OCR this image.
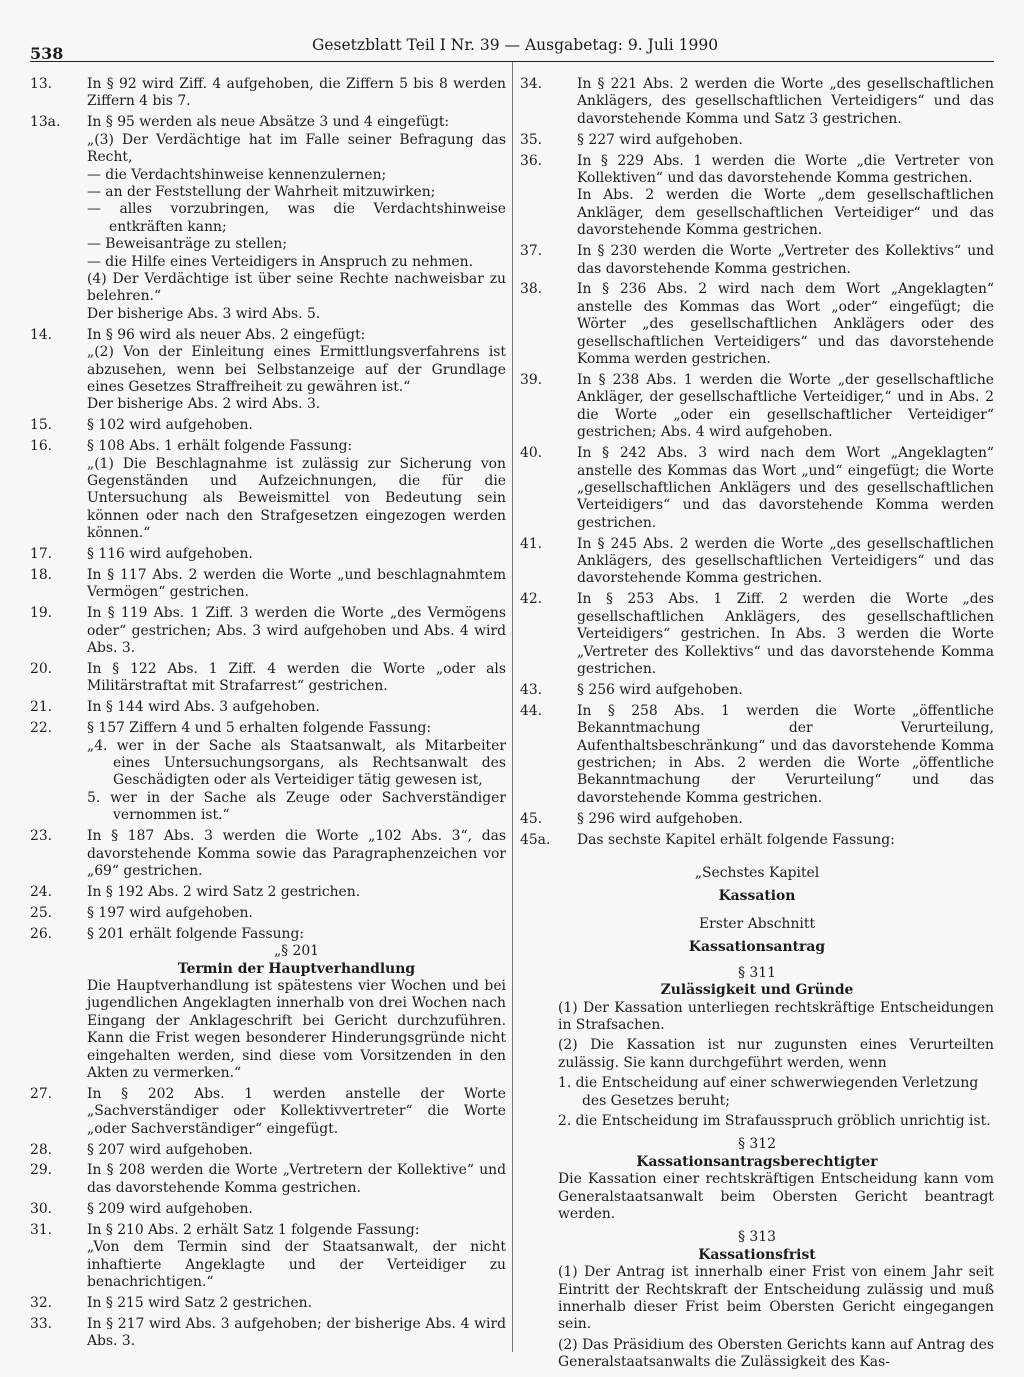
538	Gesetzblatt Teil I Nr. 39 — Ausgabetag: 9. Juli 1990
13.	In § 92 wird Ziff. 4 aufgehoben, die Ziffern 5 bis 8 werden Ziffern 4 bis 7.
13a. In § 95 werden als neue Absätze 3 und 4 eingefügt:
„(3) Der Verdächtige hat im Falle seiner Befragung das Recht,
— die Verdachtshinweise kennenzulernen;
— an der Feststellung der Wahrheit mitzuwirken;
— alles vorzubringen, was die Verdachtshinweise entkräften kann;
— Beweisanträge zu stellen;
— die Hilfe eines Verteidigers in Anspruch zu nehmen.
(4) Der Verdächtige ist über seine Rechte nachweisbar zu belehren.“
Der bisherige Abs. 3 wird Abs. 5.
14.	In § 96 wird als neuer Abs. 2 eingefügt:
„(2) Von der Einleitung eines Ermittlungsverfahrens ist abzusehen, wenn bei Selbstanzeige auf der Grundlage eines Gesetzes Straffreiheit zu gewähren ist.“
Der bisherige Abs. 2 wird Abs. 3.
15.	§ 102 wird aufgehoben.
16.	§ 108 Abs. 1 erhält folgende Fassung:
„(1) Die Beschlagnahme ist zulässig zur Sicherung von Gegenständen und Aufzeichnungen, die für die Untersuchung als Beweismittel von Bedeutung sein können oder nach den Strafgesetzen eingezogen werden können.“
17.	§ 116 wird aufgehoben.
18.	In § 117 Abs. 2 werden die Worte „und beschlagnahmtem Vermögen“ gestrichen.
19.	In § 119 Abs. 1 Ziff. 3 werden die Worte „des Vermögens oder“ gestrichen; Abs. 3 wird aufgehoben und Abs. 4 wird Abs. 3.
20.	In § 122 Abs. 1 Ziff. 4 werden die Worte „oder als Militärstraftat mit Strafarrest“ gestrichen.
21.	In § 144 wird Abs. 3 aufgehoben.
22.	§ 157 Ziffern 4 und 5 erhalten folgende Fassung:
„4. wer in der Sache als Staatsanwalt, als Mitarbeiter eines Untersuchungsorgans, als Rechtsanwalt des Geschädigten oder als Verteidiger tätig gewesen ist,
5. wer in der Sache als Zeuge oder Sachverständiger vernommen ist.“
23.	In § 187 Abs. 3 werden die Worte „102 Abs. 3“, das davorstehende Komma sowie das Paragraphenzeichen vor „69“ gestrichen.
24.	In § 192 Abs. 2 wird Satz 2 gestrichen.
25.	§ 197 wird aufgehoben.
26.	§ 201 erhält folgende Fassung:
„§ 201
Termin der Hauptverhandlung
Die Hauptverhandlung ist spätestens vier Wochen und bei jugendlichen Angeklagten innerhalb von drei Wochen nach Eingang der Anklageschrift bei Gericht durchzuführen. Kann die Frist wegen besonderer Hinderungsgründe nicht eingehalten werden, sind diese vom Vorsitzenden in den Akten zu vermerken.“
27.	In § 202 Abs. 1 werden anstelle der Worte „Sachverständiger oder Kollektivvertreter“ die Worte „oder Sachverständiger“ eingefügt.
28.	§ 207 wird aufgehoben.
29.	In § 208 werden die Worte „Vertretern der Kollektive“ und das davorstehende Komma gestrichen.
30.	§ 209 wird aufgehoben.
31.	In § 210 Abs. 2 erhält Satz 1 folgende Fassung:
„Von dem Termin sind der Staatsanwalt, der nicht inhaftierte Angeklagte und der Verteidiger zu benachrichtigen.“
32.	In § 215 wird Satz 2 gestrichen.
33.	In § 217 wird Abs. 3 aufgehoben; der bisherige Abs. 4 wird Abs. 3.
34.	In § 221 Abs. 2 werden die Worte „des gesellschaftlichen Anklägers, des gesellschaftlichen Verteidigers“ und das davorstehende Komma und Satz 3 gestrichen.
35.	§ 227 wird aufgehoben.
36.	In § 229 Abs. 1 werden die Worte „die Vertreter von Kollektiven“ und das davorstehende Komma gestrichen.
In Abs. 2 werden die Worte „dem gesellschaftlichen Ankläger, dem gesellschaftlichen Verteidiger“ und das davorstehende Komma gestrichen.
37.	In § 230 werden die Worte „Vertreter des Kollektivs“ und das davorstehende Komma gestrichen.
38.	In § 236 Abs. 2 wird nach dem Wort „Angeklagten“ anstelle des Kommas das Wort „oder“ eingefügt; die Wörter „des gesellschaftlichen Anklägers oder des gesellschaftlichen Verteidigers“ und das davorstehende Komma werden gestrichen.
39.	In § 238 Abs. 1 werden die Worte „der gesellschaftliche Ankläger, der gesellschaftliche Verteidiger,“ und in Abs. 2 die Worte „oder ein gesellschaftlicher Verteidiger“ gestrichen; Abs. 4 wird aufgehoben.
40.	In § 242 Abs. 3 wird nach dem Wort „Angeklagten“ anstelle des Kommas das Wort „und“ eingefügt; die Worte „gesellschaftlichen Anklägers und des gesellschaftlichen Verteidigers“ und das davorstehende Komma werden gestrichen.
41.	In § 245 Abs. 2 werden die Worte „des gesellschaftlichen Anklägers, des gesellschaftlichen Verteidigers“ und das davorstehende Komma gestrichen.
42.	In § 253 Abs. 1 Ziff. 2 werden die Worte „des gesellschaftlichen Anklägers, des gesellschaftlichen Verteidigers“ gestrichen. In Abs. 3 werden die Worte „Vertreter des Kollektivs“ und das davorstehende Komma gestrichen.
43.	§ 256 wird aufgehoben.
44.	In § 258 Abs. 1 werden die Worte „öffentliche Bekanntmachung der Verurteilung, Aufenthaltsbeschränkung“ und das davorstehende Komma gestrichen; in Abs. 2 werden die Worte „öffentliche Bekanntmachung der Verurteilung“ und das davorstehende Komma gestrichen.
45.	§ 296 wird aufgehoben.
45a. Das sechste Kapitel erhält folgende Fassung:
„Sechstes Kapitel
Kassation
Erster Abschnitt
Kassationsantrag
§ 311
Zulässigkeit und Gründe
(1) Der Kassation unterliegen rechtskräftige Entscheidungen in Strafsachen.
(2) Die Kassation ist nur zugunsten eines Verurteilten zulässig. Sie kann durchgeführt werden, wenn
1. die Entscheidung auf einer schwerwiegenden Verletzung des Gesetzes beruht;
2. die Entscheidung im Strafausspruch gröblich unrichtig ist.
§ 312
Kassationsantragsberechtigter
Die Kassation einer rechtskräftigen Entscheidung kann vom Generalstaatsanwalt beim Obersten Gericht beantragt werden.
§ 313
Kassationsfrist
(1) Der Antrag ist innerhalb einer Frist von einem Jahr seit Eintritt der Rechtskraft der Entscheidung zulässig und muß innerhalb dieser Frist beim Obersten Gericht eingegangen sein.
(2) Das Präsidium des Obersten Gerichts kann auf Antrag des Generalstaatsanwalts die Zulässigkeit des Kas-
